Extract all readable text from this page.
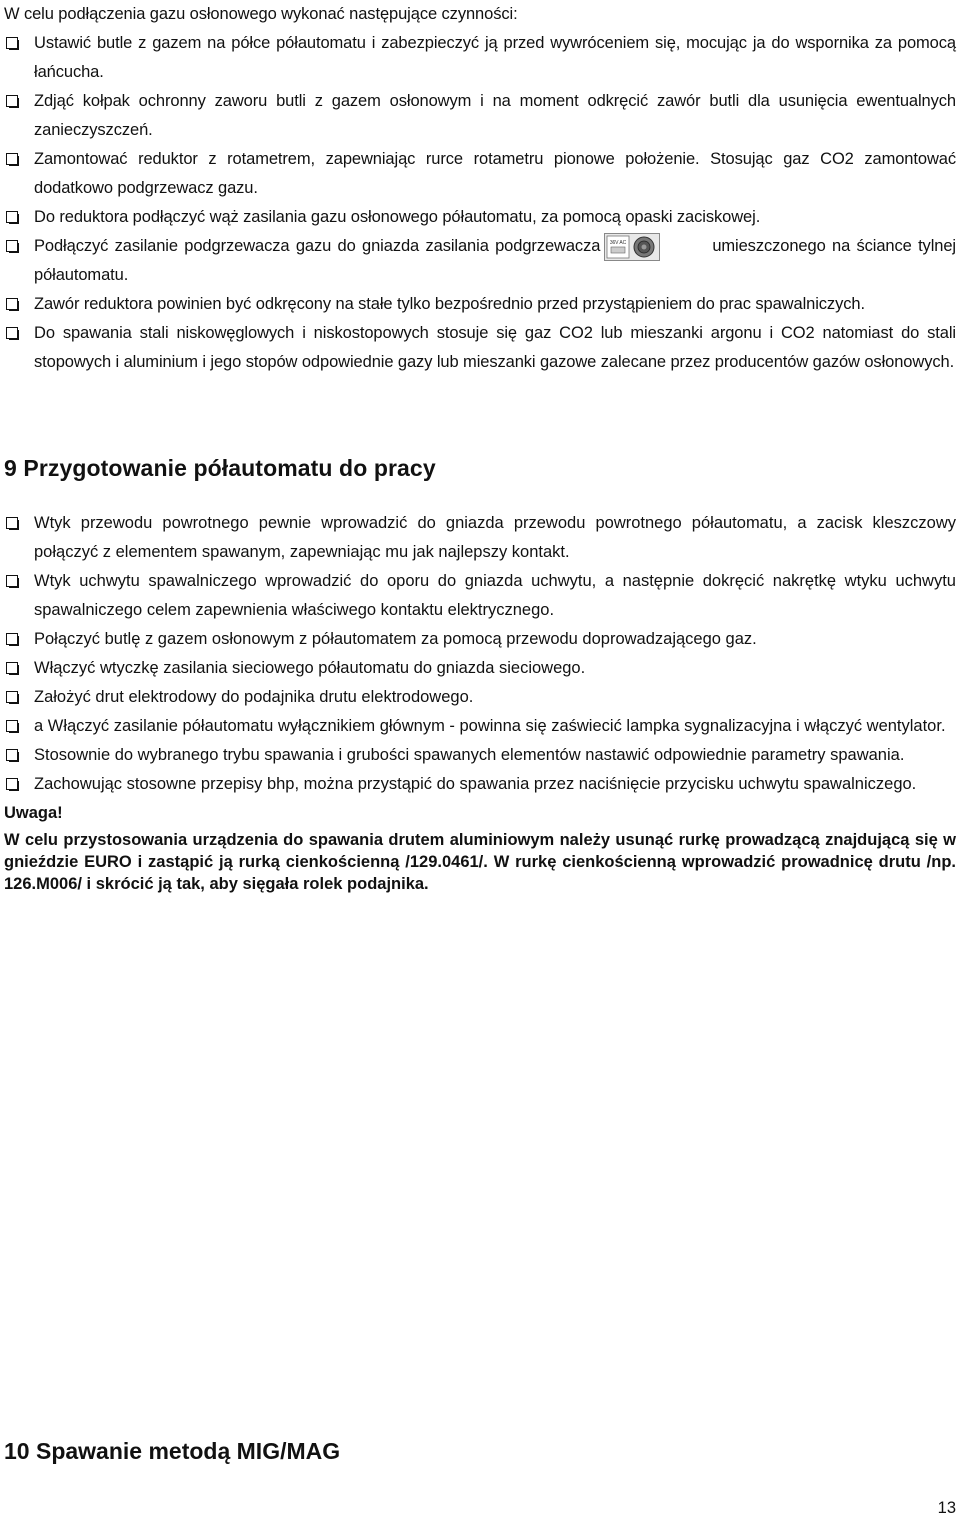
W celu podłączenia gazu osłonowego wykonać następujące czynności:
Ustawić butle z gazem na półce półautomatu i zabezpieczyć ją przed wywróceniem się, mocując ja do wspornika za pomocą łańcucha.
Zdjąć kołpak ochronny zaworu butli z gazem osłonowym i na moment odkręcić zawór butli dla usunięcia ewentualnych zanieczyszczeń.
Zamontować reduktor z rotametrem, zapewniając rurce rotametru pionowe położenie. Stosując gaz CO2 zamontować dodatkowo podgrzewacz gazu.
Do reduktora podłączyć wąż zasilania gazu osłonowego półautomatu, za pomocą opaski zaciskowej.
Podłączyć zasilanie podgrzewacza gazu do gniazda zasilania podgrzewacza 36V AC	umieszczonego na ściance tylnej półautomatu.
Zawór reduktora powinien być odkręcony na stałe tylko bezpośrednio przed przystąpieniem do prac spawalniczych.
Do spawania stali niskowęglowych i niskostopowych stosuje się gaz CO2 lub mieszanki argonu i CO2 natomiast do stali stopowych i aluminium i jego stopów odpowiednie gazy lub mieszanki gazowe zalecane przez producentów gazów osłonowych.
9 Przygotowanie półautomatu do pracy
Wtyk przewodu powrotnego pewnie wprowadzić do gniazda przewodu powrotnego półautomatu, a zacisk kleszczowy połączyć z elementem spawanym, zapewniając mu jak najlepszy kontakt.
Wtyk uchwytu spawalniczego wprowadzić do oporu do gniazda uchwytu, a następnie dokręcić nakrętkę wtyku uchwytu spawalniczego celem zapewnienia właściwego kontaktu elektrycznego.
Połączyć butlę z gazem osłonowym z półautomatem za pomocą przewodu doprowadzającego gaz.
Włączyć wtyczkę zasilania sieciowego półautomatu do gniazda sieciowego.
Założyć drut elektrodowy do podajnika drutu elektrodowego.
a Włączyć zasilanie półautomatu wyłącznikiem głównym - powinna się zaświecić lampka sygnalizacyjna i włączyć wentylator.
Stosownie do wybranego trybu spawania i grubości spawanych elementów nastawić odpowiednie parametry spawania.
Zachowując stosowne przepisy bhp, można przystąpić do spawania przez naciśnięcie przycisku uchwytu spawalniczego.
Uwaga!
W celu przystosowania urządzenia do spawania drutem aluminiowym należy usunąć rurkę prowadzącą znajdującą się w gnieździe EURO i zastąpić ją rurką cienkościenną /129.0461/. W rurkę cienkościenną wprowadzić prowadnicę drutu /np. 126.M006/ i skrócić ją tak, aby sięgała rolek podajnika.
10 Spawanie metodą MIG/MAG
13
